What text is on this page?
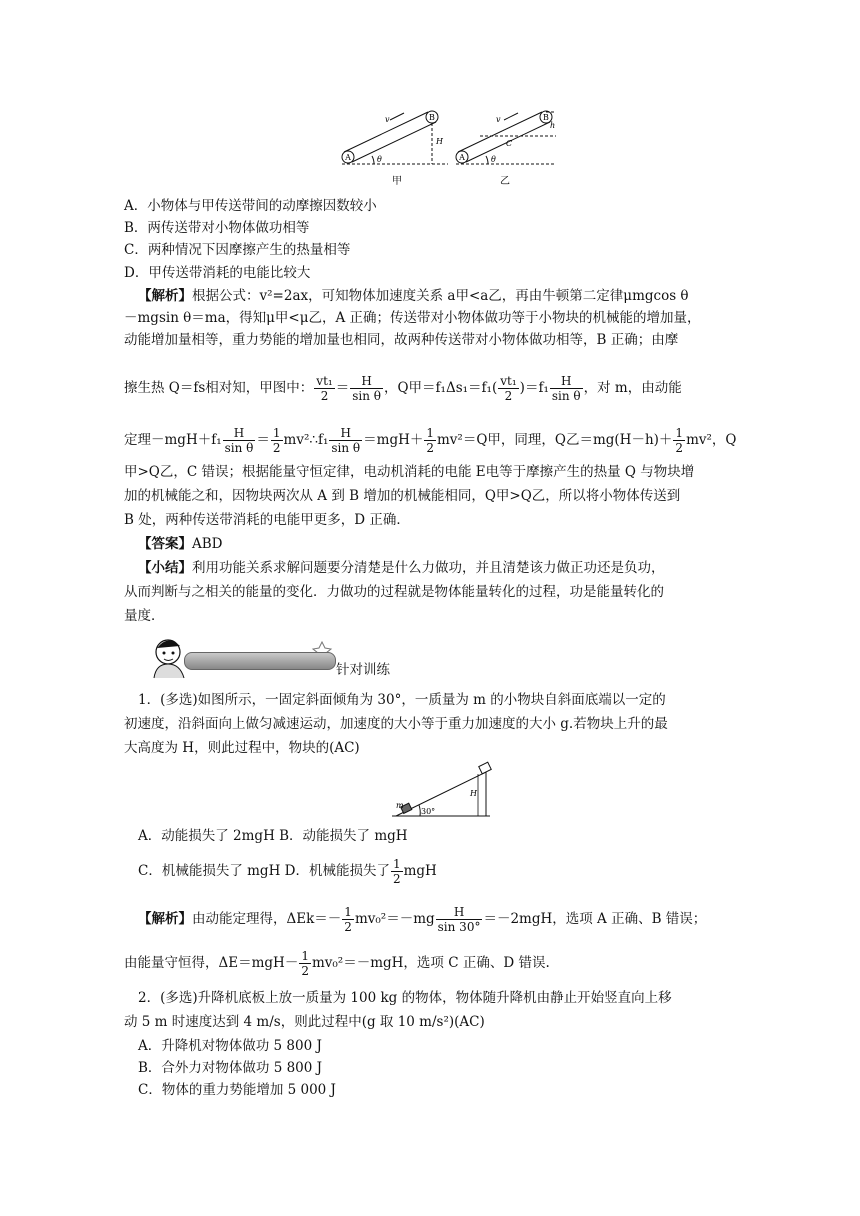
A
B
v
θ
H
甲
A
B
C
v
θ
h
乙
A．小物体与甲传送带间的动摩擦因数较小
B．两传送带对小物体做功相等
C．两种情况下因摩擦产生的热量相等
D．甲传送带消耗的电能比较大
【解析】根据公式：v²=2ax，可知物体加速度关系 a甲<a乙，再由牛顿第二定律μmgcos θ
－mgsin θ＝ma，得知μ甲<μ乙，A 正确；传送带对小物体做功等于小物块的机械能的增加量，
动能增加量相等，重力势能的增加量也相同，故两种传送带对小物体做功相等，B 正确；由摩
擦生热 Q＝fs相对知，甲图中： $\frac{\text{vt₁}}{2} = \frac{H}{\text{sin θ}}$ ，Q甲$=f_1\Delta s_1=f_1( \frac{\text{vt₁}}{2} )=f_1 \frac{H}{\text{sin θ}}$ ，对 m，由动能
定理$-mgH+f_1 \frac{H}{\text{sin θ}} = \frac{1}{2}$ mv²∴f₁ $\frac{H}{\text{sin θ}} =mgH+ \frac{1}{2} mv^2=Q$甲，同理，Q乙$=mg(H-h)+ \frac{1}{2} mv^2$，Q
甲>Q乙，C 错误；根据能量守恒定律，电动机消耗的电能 E电等于摩擦产生的热量 Q 与物块增
加的机械能之和，因物块两次从 A 到 B 增加的机械能相同，Q甲>Q乙，所以将小物体传送到
B 处，两种传送带消耗的电能甲更多，D 正确．
【答案】ABD
【小结】利用功能关系求解问题要分清楚是什么力做功，并且清楚该力做正功还是负功，
从而判断与之相关的能量的变化．力做功的过程就是物体能量转化的过程，功是能量转化的
量度．
针对训练
1．(多选)如图所示，一固定斜面倾角为 30°，一质量为 m 的小物块自斜面底端以一定的
初速度，沿斜面向上做匀减速运动，加速度的大小等于重力加速度的大小 g.若物块上升的最
大高度为 H，则此过程中，物块的(AC)
m
30°
H
A．动能损失了 2mgH B．动能损失了 mgH
C．机械能损失了 mgH D．机械能损失了 $\frac{1}{2}$ mgH
【解析】由动能定理得，$\Delta Ek=- \frac{1}{2} mv_0^2=-mg \frac{H}{\sin 30^\circ} =-2mgH$，选项 A 正确、B 错误；
由能量守恒得，$\Delta E=mgH- \frac{1}{2} mv_0^2=-mgH$，选项 C 正确、D 错误.
2．(多选)升降机底板上放一质量为 100 kg 的物体，物体随升降机由静止开始竖直向上移
动 5 m 时速度达到 4 m/s，则此过程中(g 取 10 m/s²)(AC)
A．升降机对物体做功 5 800 J
B．合外力对物体做功 5 800 J
C．物体的重力势能增加 5 000 J
